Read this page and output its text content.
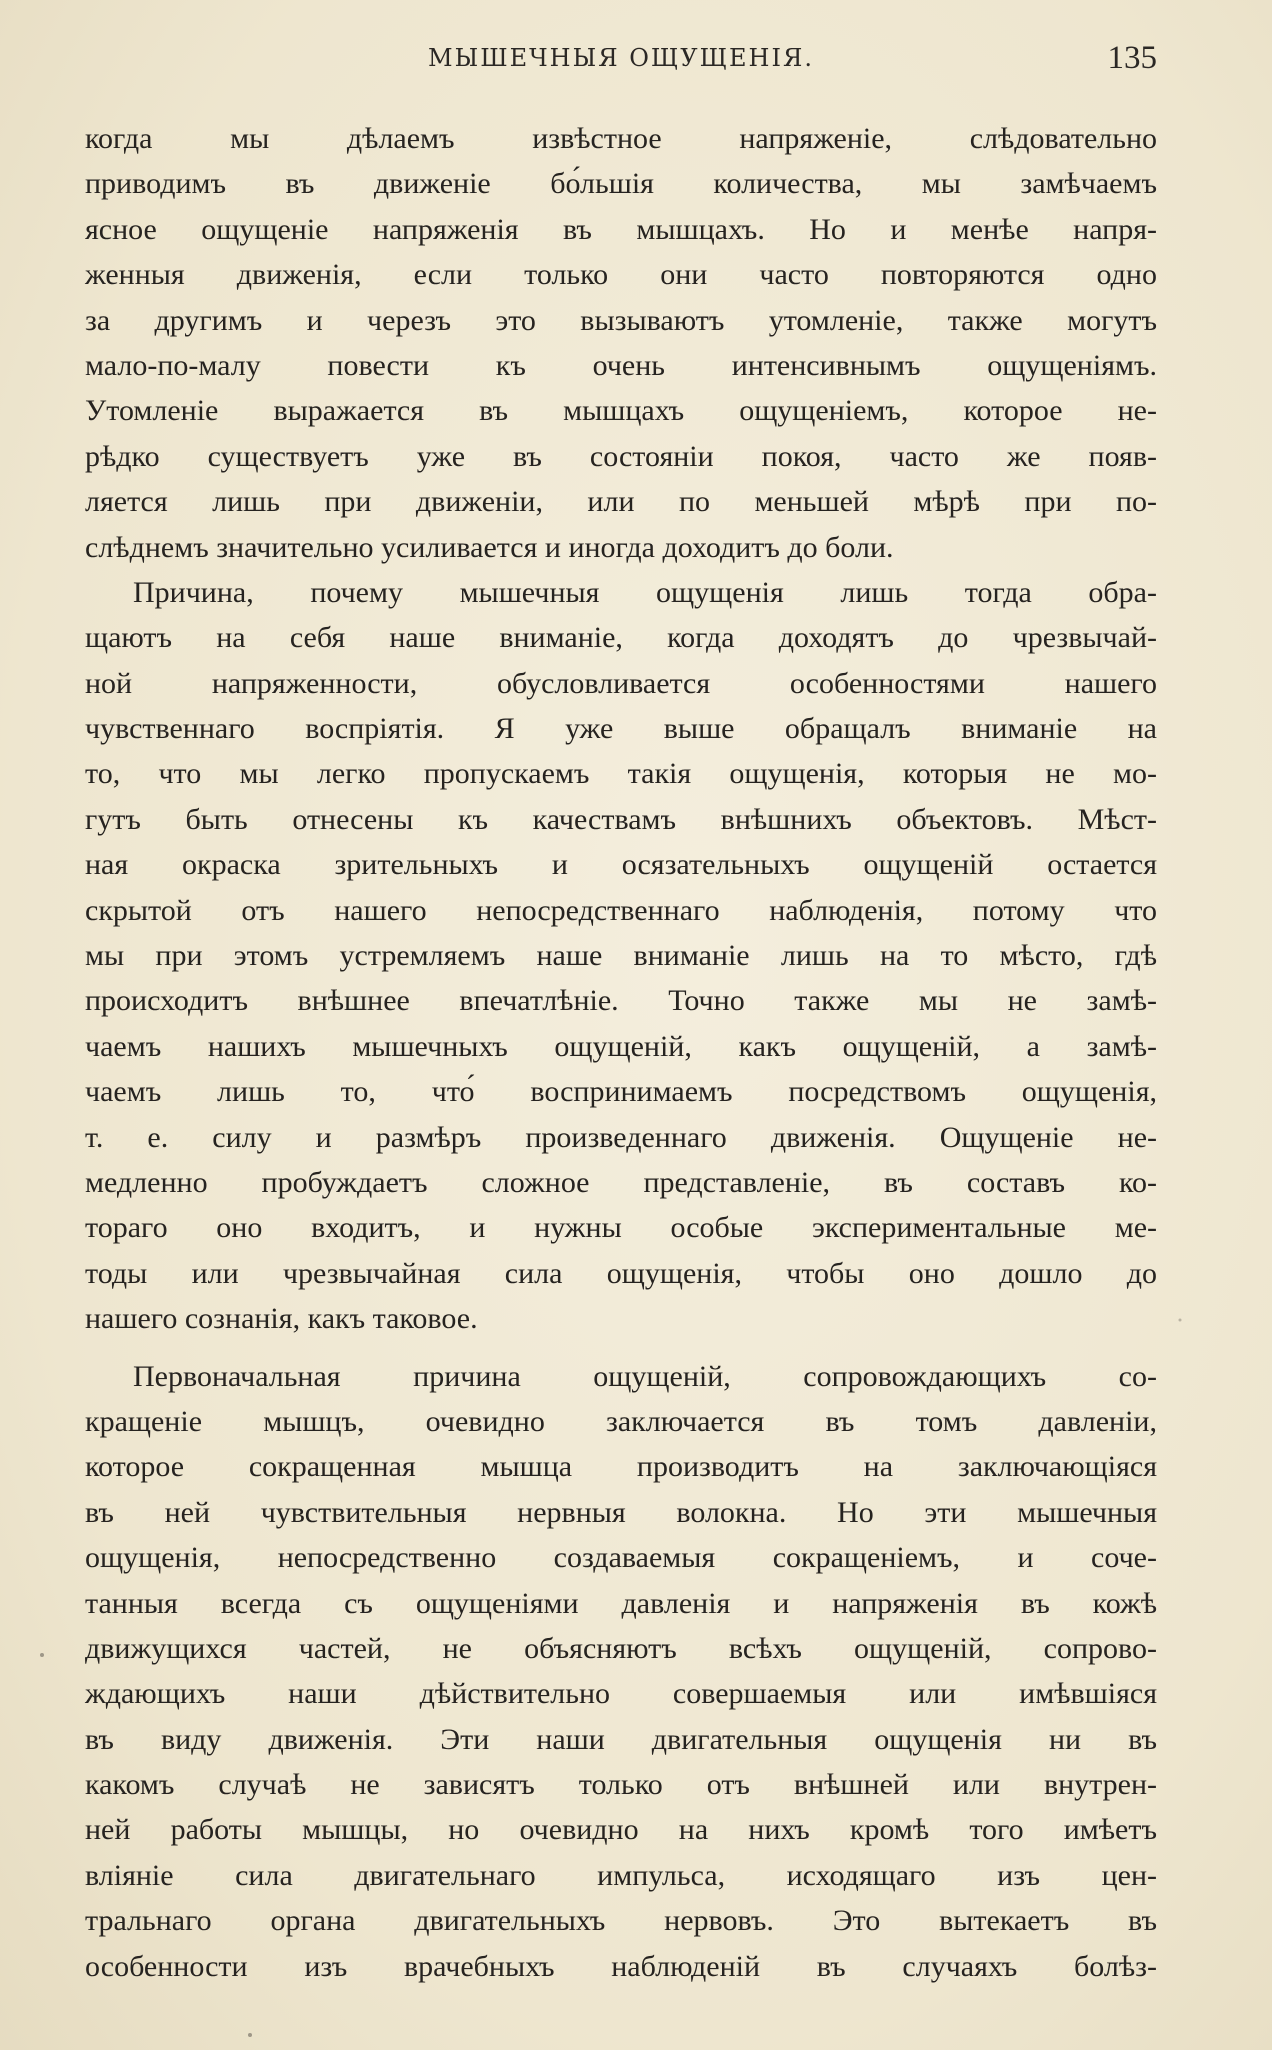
МЫШЕЧНЫЯ ОЩУЩЕНІЯ.	135
когда мы дѣлаемъ извѣстное напряженіе, слѣдовательно
приводимъ въ движеніе бо́льшія количества, мы замѣчаемъ
ясное ощущеніе напряженія въ мышцахъ. Но и менѣе напря-
женныя движенія, если только они часто повторяются одно
за другимъ и черезъ это вызываютъ утомленіе, также могутъ
мало-по-малу повести къ очень интенсивнымъ ощущеніямъ.
Утомленіе выражается въ мышцахъ ощущеніемъ, которое не-
рѣдко существуетъ уже въ состояніи покоя, часто же появ-
ляется лишь при движеніи, или по меньшей мѣрѣ при по-
слѣднемъ значительно усиливается и иногда доходитъ до боли.
Причина, почему мышечныя ощущенія лишь тогда обра-
щаютъ на себя наше вниманіе, когда доходятъ до чрезвычай-
ной напряженности, обусловливается особенностями нашего
чувственнаго воспріятія. Я уже выше обращалъ вниманіе на
то, что мы легко пропускаемъ такія ощущенія, которыя не мо-
гутъ быть отнесены къ качествамъ внѣшнихъ объектовъ. Мѣст-
ная окраска зрительныхъ и осязательныхъ ощущеній остается
скрытой отъ нашего непосредственнаго наблюденія, потому что
мы при этомъ устремляемъ наше вниманіе лишь на то мѣсто, гдѣ
происходитъ внѣшнее впечатлѣніе. Точно также мы не замѣ-
чаемъ нашихъ мышечныхъ ощущеній, какъ ощущеній, а замѣ-
чаемъ лишь то, что́ воспринимаемъ посредствомъ ощущенія,
т. е. силу и размѣръ произведеннаго движенія. Ощущеніе не-
медленно пробуждаетъ сложное представленіе, въ составъ ко-
тораго оно входитъ, и нужны особые экспериментальные ме-
тоды или чрезвычайная сила ощущенія, чтобы оно дошло до
нашего сознанія, какъ таковое.
Первоначальная причина ощущеній, сопровождающихъ со-
кращеніе мышцъ, очевидно заключается въ томъ давленіи,
которое сокращенная мышца производитъ на заключающіяся
въ ней чувствительныя нервныя волокна. Но эти мышечныя
ощущенія, непосредственно создаваемыя сокращеніемъ, и соче-
танныя всегда съ ощущеніями давленія и напряженія въ кожѣ
движущихся частей, не объясняютъ всѣхъ ощущеній, сопрово-
ждающихъ наши дѣйствительно совершаемыя или имѣвшіяся
въ виду движенія. Эти наши двигательныя ощущенія ни въ
какомъ случаѣ не зависятъ только отъ внѣшней или внутрен-
ней работы мышцы, но очевидно на нихъ кромѣ того имѣетъ
вліяніе сила двигательнаго импульса, исходящаго изъ цен-
тральнаго органа двигательныхъ нервовъ. Это вытекаетъ въ
особенности изъ врачебныхъ наблюденій въ случаяхъ болѣз-
